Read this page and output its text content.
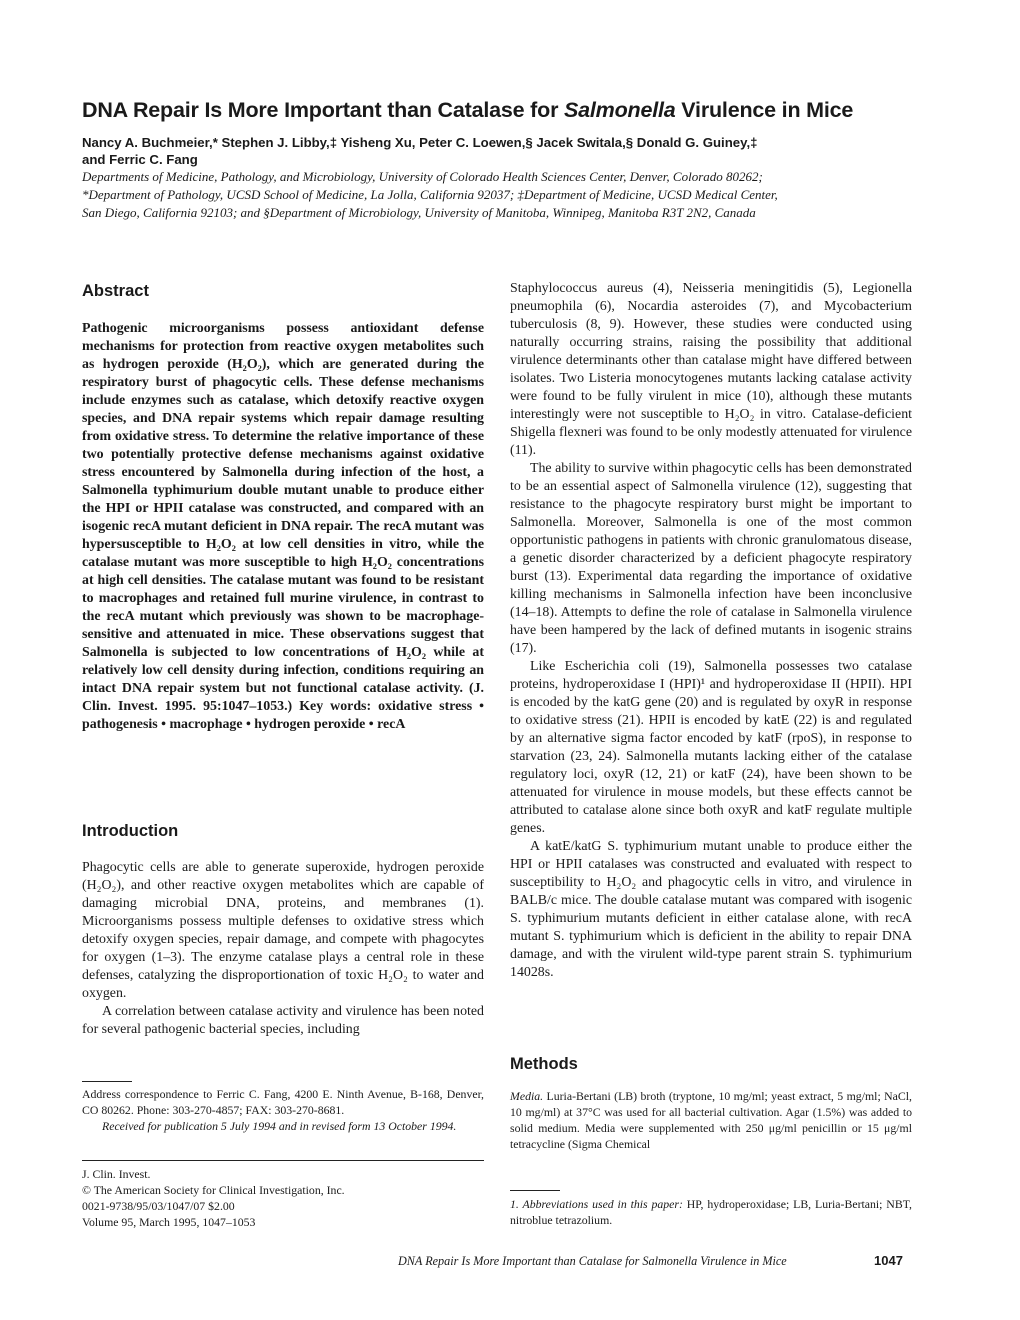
DNA Repair Is More Important than Catalase for Salmonella Virulence in Mice
Nancy A. Buchmeier,* Stephen J. Libby,‡ Yisheng Xu, Peter C. Loewen,§ Jacek Switala,§ Donald G. Guiney,‡
and Ferric C. Fang
Departments of Medicine, Pathology, and Microbiology, University of Colorado Health Sciences Center, Denver, Colorado 80262;
*Department of Pathology, UCSD School of Medicine, La Jolla, California 92037; ‡Department of Medicine, UCSD Medical Center,
San Diego, California 92103; and §Department of Microbiology, University of Manitoba, Winnipeg, Manitoba R3T 2N2, Canada
Abstract
Pathogenic microorganisms possess antioxidant defense mechanisms for protection from reactive oxygen metabolites such as hydrogen peroxide (H₂O₂), which are generated during the respiratory burst of phagocytic cells. These defense mechanisms include enzymes such as catalase, which detoxify reactive oxygen species, and DNA repair systems which repair damage resulting from oxidative stress. To determine the relative importance of these two potentially protective defense mechanisms against oxidative stress encountered by Salmonella during infection of the host, a Salmonella typhimurium double mutant unable to produce either the HPI or HPII catalase was constructed, and compared with an isogenic recA mutant deficient in DNA repair. The recA mutant was hypersusceptible to H₂O₂ at low cell densities in vitro, while the catalase mutant was more susceptible to high H₂O₂ concentrations at high cell densities. The catalase mutant was found to be resistant to macrophages and retained full murine virulence, in contrast to the recA mutant which previously was shown to be macrophage-sensitive and attenuated in mice. These observations suggest that Salmonella is subjected to low concentrations of H₂O₂ while at relatively low cell density during infection, conditions requiring an intact DNA repair system but not functional catalase activity. (J. Clin. Invest. 1995. 95:1047–1053.) Key words: oxidative stress • pathogenesis • macrophage • hydrogen peroxide • recA
Introduction

Phagocytic cells are able to generate superoxide, hydrogen peroxide (H₂O₂), and other reactive oxygen metabolites which are capable of damaging microbial DNA, proteins, and membranes (1). Microorganisms possess multiple defenses to oxidative stress which detoxify oxygen species, repair damage, and compete with phagocytes for oxygen (1–3). The enzyme catalase plays a central role in these defenses, catalyzing the disproportionation of toxic H₂O₂ to water and oxygen.

A correlation between catalase activity and virulence has been noted for several pathogenic bacterial species, including

Address correspondence to Ferric C. Fang, 4200 E. Ninth Avenue, B-168, Denver, CO 80262. Phone: 303-270-4857; FAX: 303-270-8681.

Received for publication 5 July 1994 and in revised form 13 October 1994.

J. Clin. Invest.

© The American Society for Clinical Investigation, Inc.

0021-9738/95/03/1047/07 $2.00

Volume 95, March 1995, 1047–1053

Staphylococcus aureus (4), Neisseria meningitidis (5), Legionella pneumophila (6), Nocardia asteroides (7), and Mycobacterium tuberculosis (8, 9). However, these studies were conducted using naturally occurring strains, raising the possibility that additional virulence determinants other than catalase might have differed between isolates. Two Listeria monocytogenes mutants lacking catalase activity were found to be fully virulent in mice (10), although these mutants interestingly were not susceptible to H₂O₂ in vitro. Catalase-deficient Shigella flexneri was found to be only modestly attenuated for virulence (11).

The ability to survive within phagocytic cells has been demonstrated to be an essential aspect of Salmonella virulence (12), suggesting that resistance to the phagocyte respiratory burst might be important to Salmonella. Moreover, Salmonella is one of the most common opportunistic pathogens in patients with chronic granulomatous disease, a genetic disorder characterized by a deficient phagocyte respiratory burst (13). Experimental data regarding the importance of oxidative killing mechanisms in Salmonella infection have been inconclusive (14–18). Attempts to define the role of catalase in Salmonella virulence have been hampered by the lack of defined mutants in isogenic strains (17).

Like Escherichia coli (19), Salmonella possesses two catalase proteins, hydroperoxidase I (HPI)¹ and hydroperoxidase II (HPII). HPI is encoded by the katG gene (20) and is regulated by oxyR in response to oxidative stress (21). HPII is encoded by katE (22) is and regulated by an alternative sigma factor encoded by katF (rpoS), in response to starvation (23, 24). Salmonella mutants lacking either of the catalase regulatory loci, oxyR (12, 21) or katF (24), have been shown to be attenuated for virulence in mouse models, but these effects cannot be attributed to catalase alone since both oxyR and katF regulate multiple genes.

A katE/katG S. typhimurium mutant unable to produce either the HPI or HPII catalases was constructed and evaluated with respect to susceptibility to H₂O₂ and phagocytic cells in vitro, and virulence in BALB/c mice. The double catalase mutant was compared with isogenic S. typhimurium mutants deficient in either catalase alone, with recA mutant S. typhimurium which is deficient in the ability to repair DNA damage, and with the virulent wild-type parent strain S. typhimurium 14028s.

Methods
Media. Luria-Bertani (LB) broth (tryptone, 10 mg/ml; yeast extract, 5 mg/ml; NaCl, 10 mg/ml) at 37°C was used for all bacterial cultivation. Agar (1.5%) was added to solid medium. Media were supplemented with 250 μg/ml penicillin or 15 μg/ml tetracycline (Sigma Chemical
1. Abbreviations used in this paper: HP, hydroperoxidase; LB, Luria-Bertani; NBT, nitroblue tetrazolium.
DNA Repair Is More Important than Catalase for Salmonella Virulence in Mice	1047
